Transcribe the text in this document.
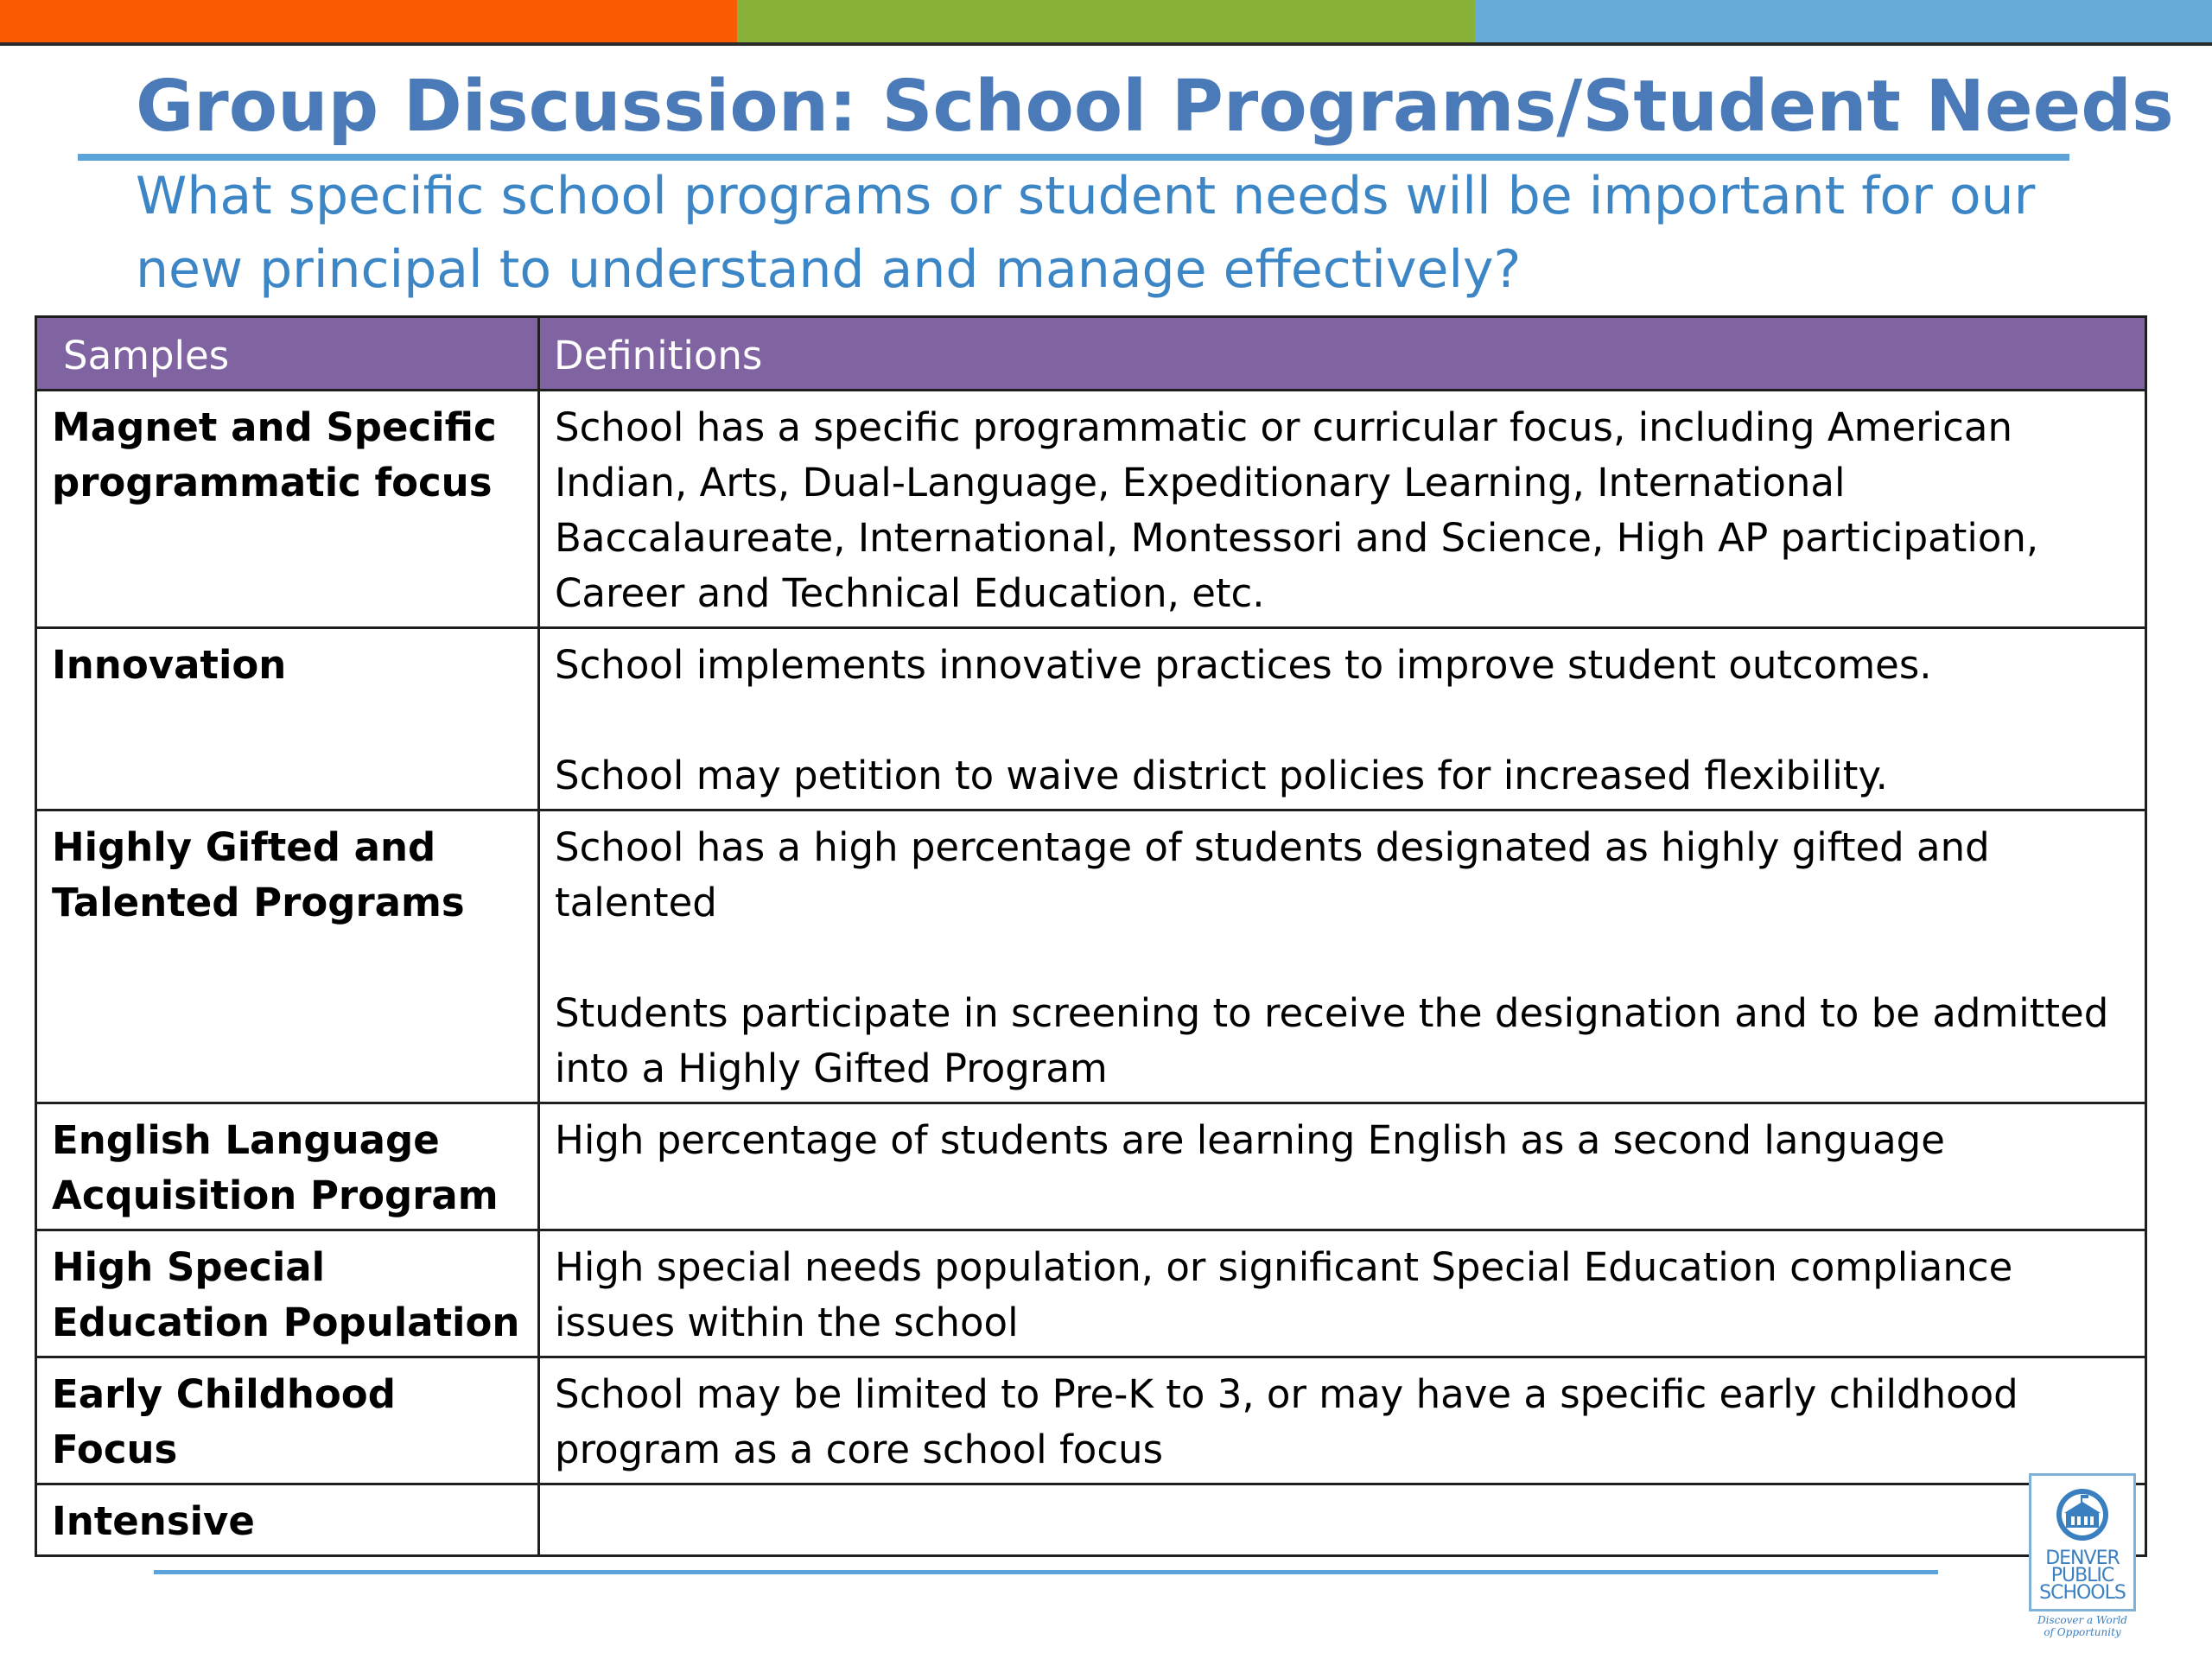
Group Discussion: School Programs/Student Needs

What specific school programs or student needs will be important for our new principal to understand and manage effectively?

Samples	Definitions
Magnet and Specific programmatic focus	School has a specific programmatic or curricular focus, including American Indian, Arts, Dual-Language, Expeditionary Learning, International Baccalaureate, International, Montessori and Science, High AP participation, Career and Technical Education, etc.

Innovation	School implements innovative practices to improve student outcomes.
School may petition to waive district policies for increased flexibility.

Highly Gifted and Talented Programs	School has a high percentage of students designated as highly gifted and talented
Students participate in screening to receive the designation and to be admitted into a Highly Gifted Program

English Language Acquisition Program	High percentage of students are learning English as a second language

High Special Education Population	High special needs population, or significant Special Education compliance issues within the school

Early Childhood Focus	School may be limited to Pre-K to 3, or may have a specific early childhood program as a core school focus

Intensive	
DENVER
PUBLIC
SCHOOLS
Discover a World
of Opportunity
